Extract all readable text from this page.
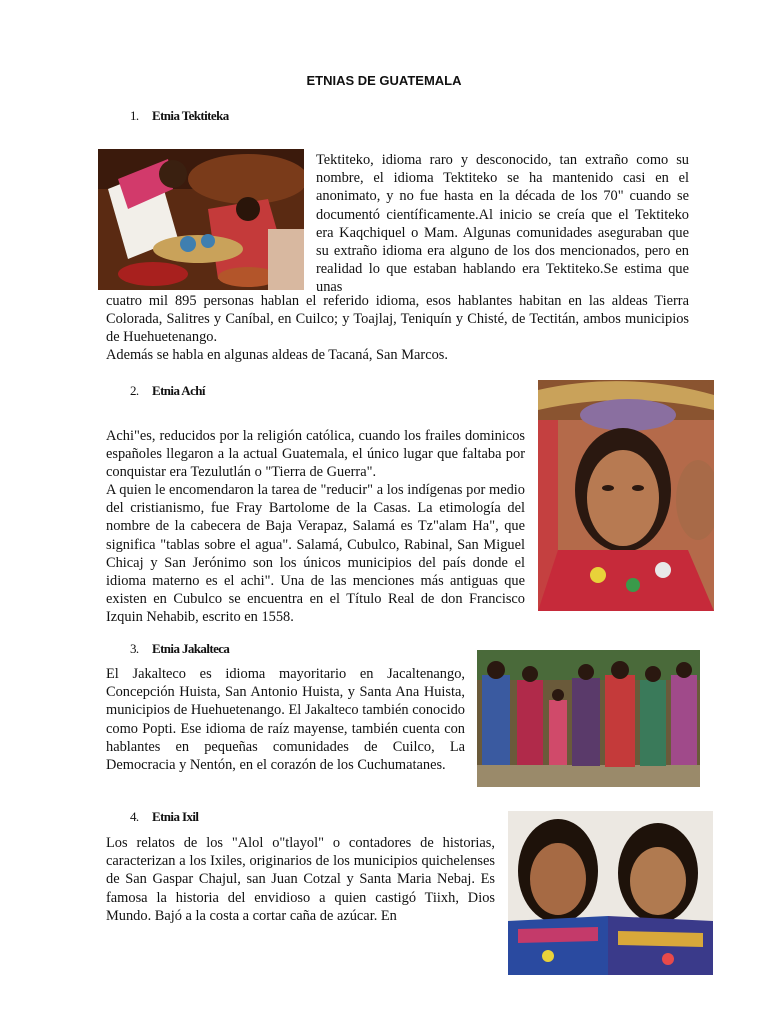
ETNIAS DE GUATEMALA
1. Etnia Tektiteka

Tektiteko, idioma raro y desconocido, tan extraño como su nombre, el idioma Tektiteko se ha mantenido casi en el anonimato, y no fue hasta en la década de los 70" cuando se documentó científicamente.Al inicio se creía que el Tektiteko era Kaqchiquel o Mam. Algunas comunidades aseguraban que su extraño idioma era alguno de los dos mencionados, pero en realidad lo que estaban hablando era Tektiteko.Se estima que unas

cuatro mil 895 personas hablan el referido idioma, esos hablantes habitan en las aldeas Tierra Colorada, Salitres y Caníbal, en Cuilco; y Toajlaj, Teniquín y Chisté, de Tectitán, ambos municipios de Huehuetenango.

Además se habla en algunas aldeas de Tacaná, San Marcos.

2. Etnia Achí

Achi"es, reducidos por la religión católica, cuando los frailes dominicos españoles llegaron a la actual Guatemala, el único lugar que faltaba por conquistar era Tezulutlán o "Tierra de Guerra".

A quien le encomendaron la tarea de "reducir" a los indígenas por medio del cristianismo, fue Fray Bartolome de la Casas. La etimología del nombre de la cabecera de Baja Verapaz, Salamá es Tz"alam Ha", que significa "tablas sobre el agua". Salamá, Cubulco, Rabinal, San Miguel Chicaj y San Jerónimo son los únicos municipios del país donde el idioma materno es el achi". Una de las menciones más antiguas que existen en Cubulco se encuentra en el Título Real de don Francisco Izquin Nehabib, escrito en 1558.

3. Etnia Jakalteca

El Jakalteco es idioma mayoritario en Jacaltenango, Concepción Huista, San Antonio Huista, y Santa Ana Huista, municipios de Huehuetenango. El Jakalteco también conocido como Popti. Ese idioma de raíz mayense, también cuenta con hablantes en pequeñas comunidades de Cuilco, La Democracia y Nentón, en el corazón de los Cuchumatanes.

4. Etnia Ixil

Los relatos de los "Alol o"tlayol" o contadores de historias, caracterizan a los Ixiles, originarios de los municipios quichelenses de San Gaspar Chajul, san Juan Cotzal y Santa Maria Nebaj. Es famosa la historia del envidioso a quien castigó Tiixh, Dios Mundo. Bajó a la costa a cortar caña de azúcar. En
